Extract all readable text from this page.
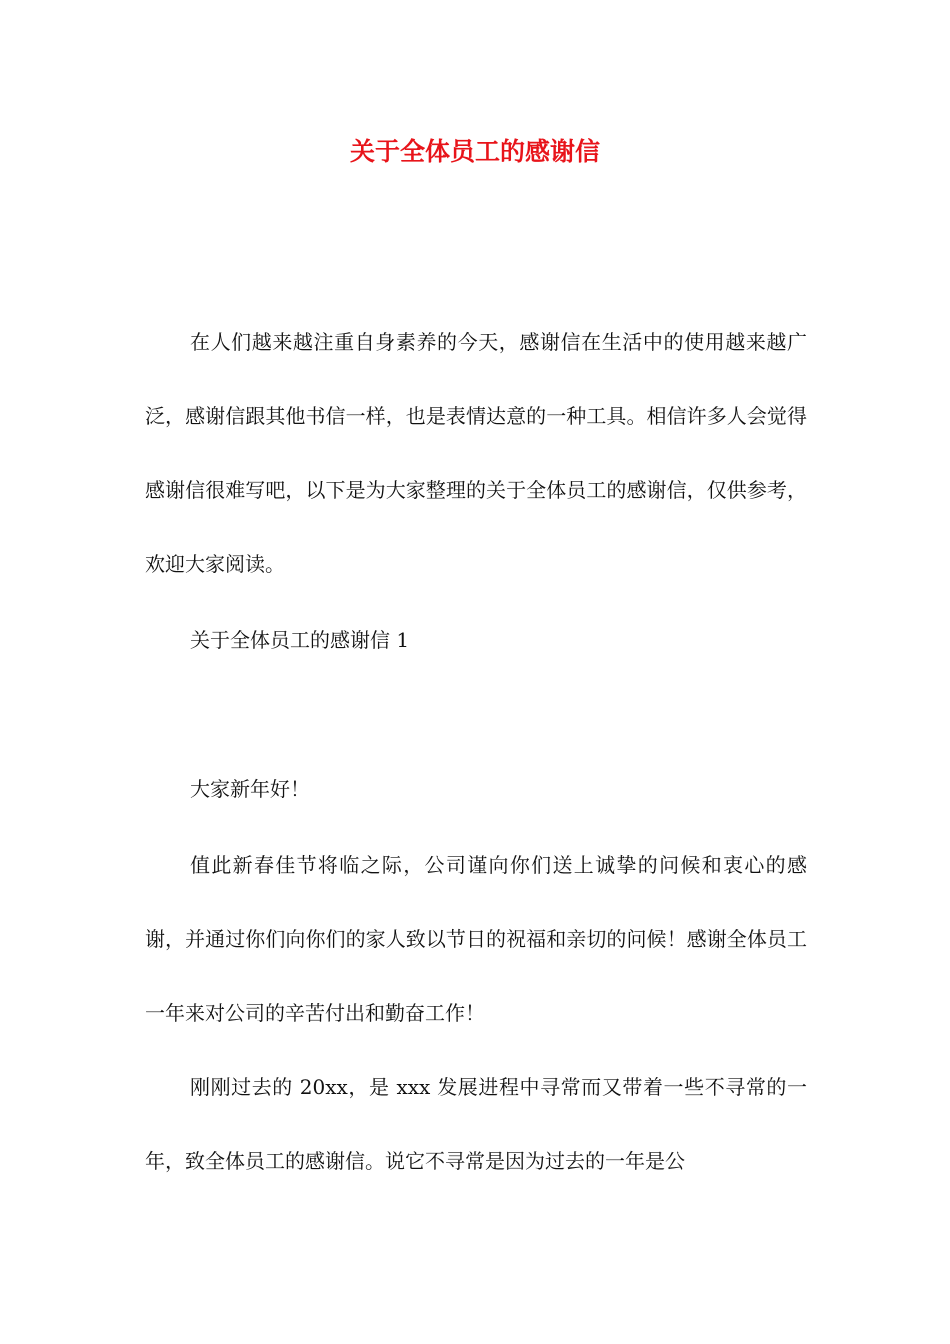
关于全体员工的感谢信

在人们越来越注重自身素养的今天，感谢信在生活中的使用越来越广泛，感谢信跟其他书信一样，也是表情达意的一种工具。相信许多人会觉得感谢信很难写吧，以下是为大家整理的关于全体员工的感谢信，仅供参考，欢迎大家阅读。

关于全体员工的感谢信 1

大家新年好！

值此新春佳节将临之际，公司谨向你们送上诚挚的问候和衷心的感谢，并通过你们向你们的家人致以节日的祝福和亲切的问候！感谢全体员工一年来对公司的辛苦付出和勤奋工作！

刚刚过去的 20xx，是 xxx 发展进程中寻常而又带着一些不寻常的一年，致全体员工的感谢信。说它不寻常是因为过去的一年是公
